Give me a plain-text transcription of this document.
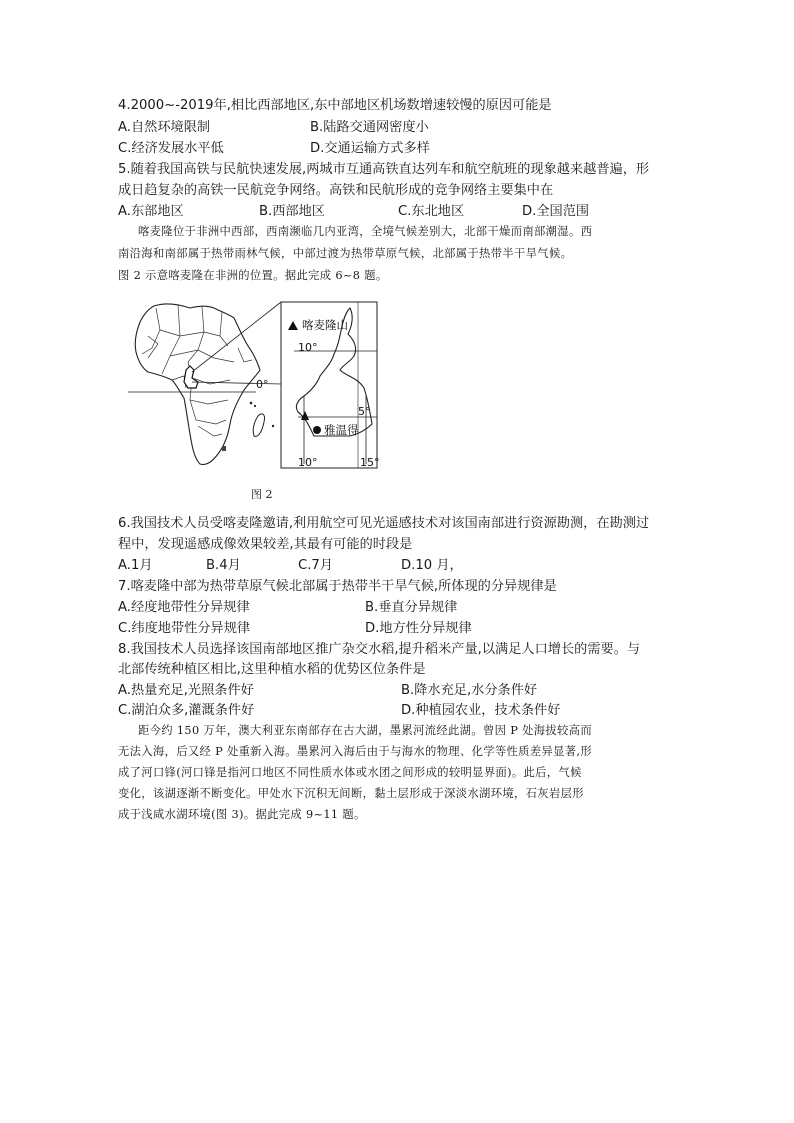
4.2000~-2019年,相比西部地区,东中部地区机场数增速较慢的原因可能是
A.自然环境限制	B.陆路交通网密度小
C.经济发展水平低	D.交通运输方式多样
5.随着我国高铁与民航快速发展,两城市互通高铁直达列车和航空航班的现象越来越普遍，形
成日趋复杂的高铁一民航竞争网络。高铁和民航形成的竞争网络主要集中在
A.东部地区	B.西部地区	C.东北地区	D.全国范围
喀麦隆位于非洲中西部，西南濒临几内亚湾，全境气候差别大，北部干燥而南部潮湿。西
南沿海和南部属于热带雨林气候，中部过渡为热带草原气候，北部属于热带半干旱气候。
图 2 示意喀麦隆在非洲的位置。据此完成 6~8 题。
0°
10°
5°
10°	15°
喀麦隆山
雅温得
图 2
6.我国技术人员受喀麦隆邀请,利用航空可见光遥感技术对该国南部进行资源勘测，在勘测过
程中，发现遥感成像效果较差,其最有可能的时段是
A.1月	B.4月	C.7月	D.10 月，
7.喀麦隆中部为热带草原气候北部属于热带半干旱气候,所体现的分异规律是
A.经度地带性分异规律	B.垂直分异规律
C.纬度地带性分异规律	D.地方性分异规律
8.我国技术人员选择该国南部地区推广杂交水稻,提升稻米产量,以满足人口增长的需要。与
北部传统种植区相比,这里种植水稻的优势区位条件是
A.热量充足,光照条件好	B.降水充足,水分条件好
C.湖泊众多,灌溉条件好	D.种植园农业，技术条件好
距今约 150 万年，澳大利亚东南部存在古大湖，墨累河流经此湖。曾因 P 处海拔较高而
无法入海，后又经 P 处重新入海。墨累河入海后由于与海水的物理、化学等性质差异显著,形
成了河口锋(河口锋是指河口地区不同性质水体或水团之间形成的较明显界面)。此后，气候
变化，该湖逐渐不断变化。甲处水下沉积无间断，黏土层形成于深淡水湖环境，石灰岩层形
成于浅咸水湖环境(图 3)。据此完成 9~11 题。
